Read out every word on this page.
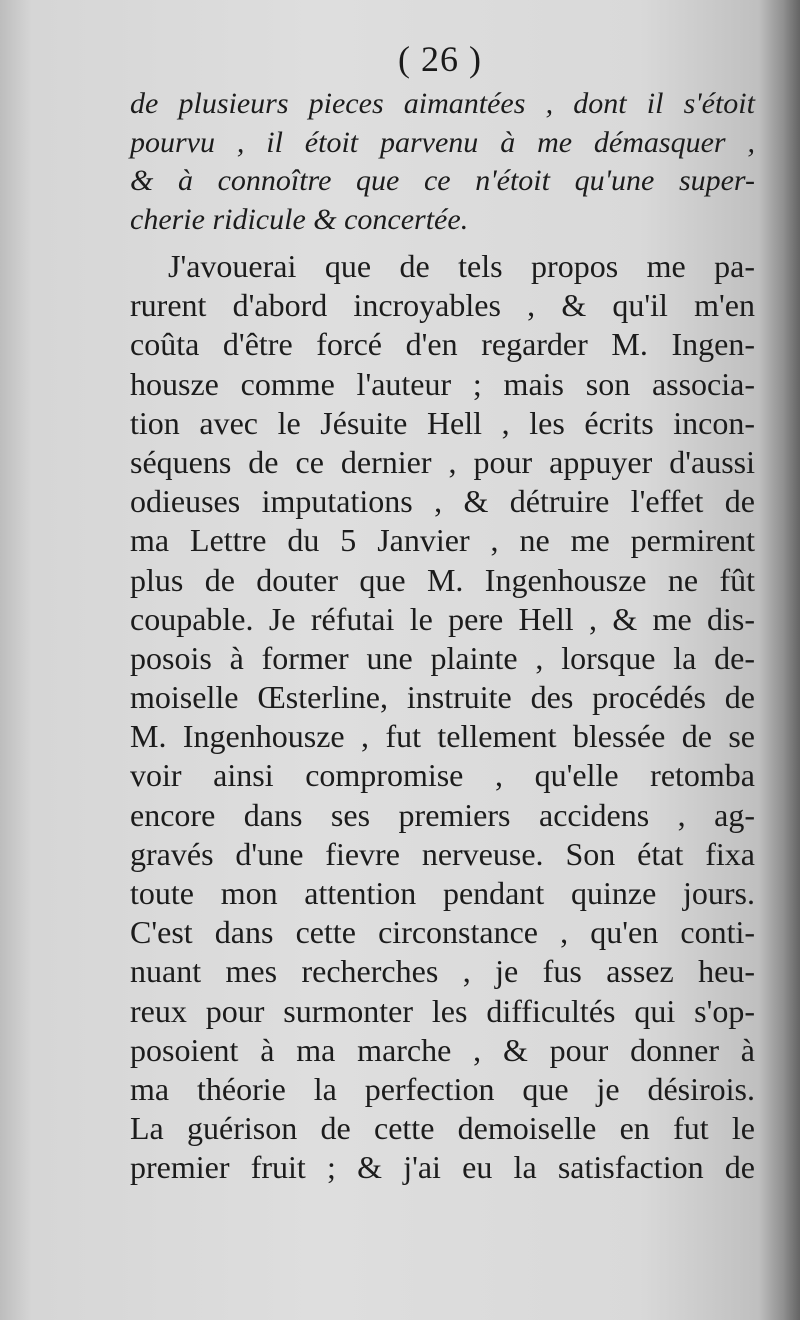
( 26 )
de plusieurs pieces aimantées , dont il s'étoit
pourvu , il étoit parvenu à me démasquer ,
& à connoître que ce n'étoit qu'une super-
cherie ridicule & concertée.
J'avouerai que de tels propos me pa-
rurent d'abord incroyables , & qu'il m'en
coûta d'être forcé d'en regarder M. Ingen-
housze comme l'auteur ; mais son associa-
tion avec le Jésuite Hell , les écrits incon-
séquens de ce dernier , pour appuyer d'aussi
odieuses imputations , & détruire l'effet de
ma Lettre du 5 Janvier , ne me permirent
plus de douter que M. Ingenhousze ne fût
coupable. Je réfutai le pere Hell , & me dis-
posois à former une plainte , lorsque la de-
moiselle Œsterline, instruite des procédés de
M. Ingenhousze , fut tellement blessée de se
voir ainsi compromise , qu'elle retomba
encore dans ses premiers accidens , ag-
gravés d'une fievre nerveuse. Son état fixa
toute mon attention pendant quinze jours.
C'est dans cette circonstance , qu'en conti-
nuant mes recherches , je fus assez heu-
reux pour surmonter les difficultés qui s'op-
posoient à ma marche , & pour donner à
ma théorie la perfection que je désirois.
La guérison de cette demoiselle en fut le
premier fruit ; & j'ai eu la satisfaction de
